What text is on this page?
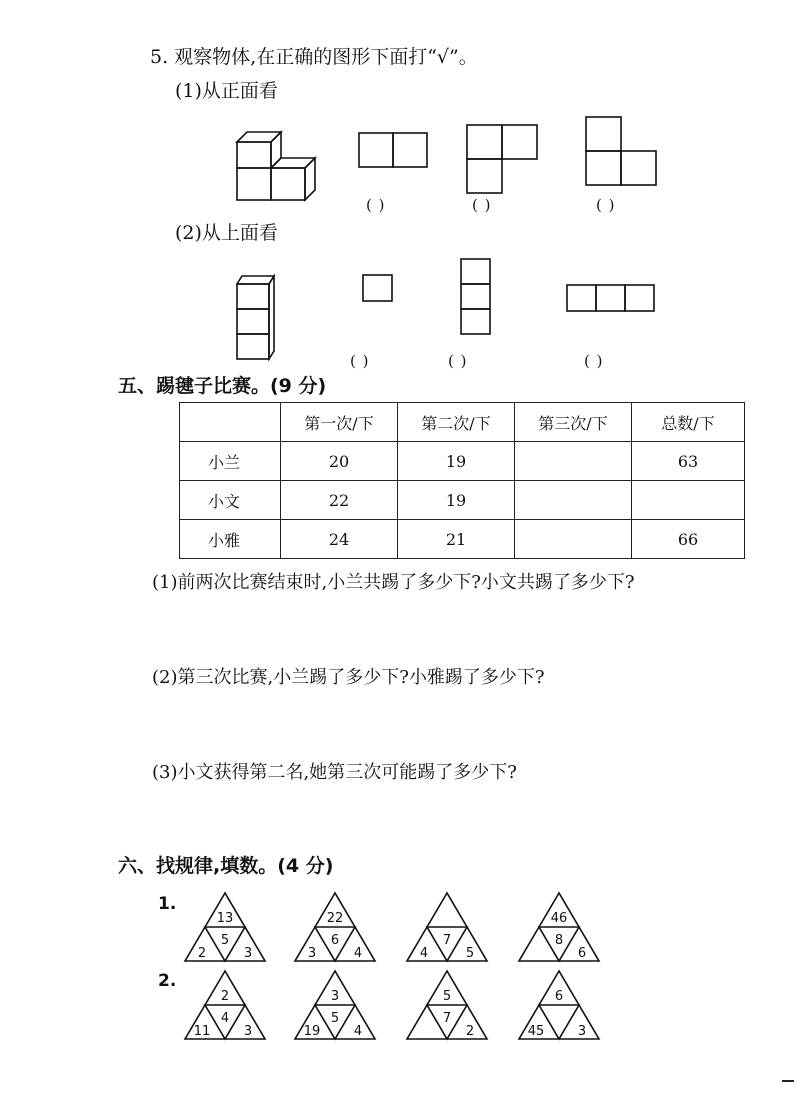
5. 观察物体,在正确的图形下面打“√”。
(1)从正面看
( )	( )	( )
(2)从上面看
( )	( )	( )
五、踢毽子比赛。(9 分)
	第一次/下	第二次/下	第三次/下	总数/下
小兰	20	19		63
小文	22	19		
小雅	24	21		66
(1)前两次比赛结束时,小兰共踢了多少下?小文共踢了多少下?
(2)第三次比赛,小兰踢了多少下?小雅踢了多少下?
(3)小文获得第二名,她第三次可能踢了多少下?
六、找规律,填数。(4 分)
1.
2.
13
5
2	3
22
6
3	4
7
4	5
46
8
6
2
4
11	3
3
5
19	4
5
7
2
6
45	3
